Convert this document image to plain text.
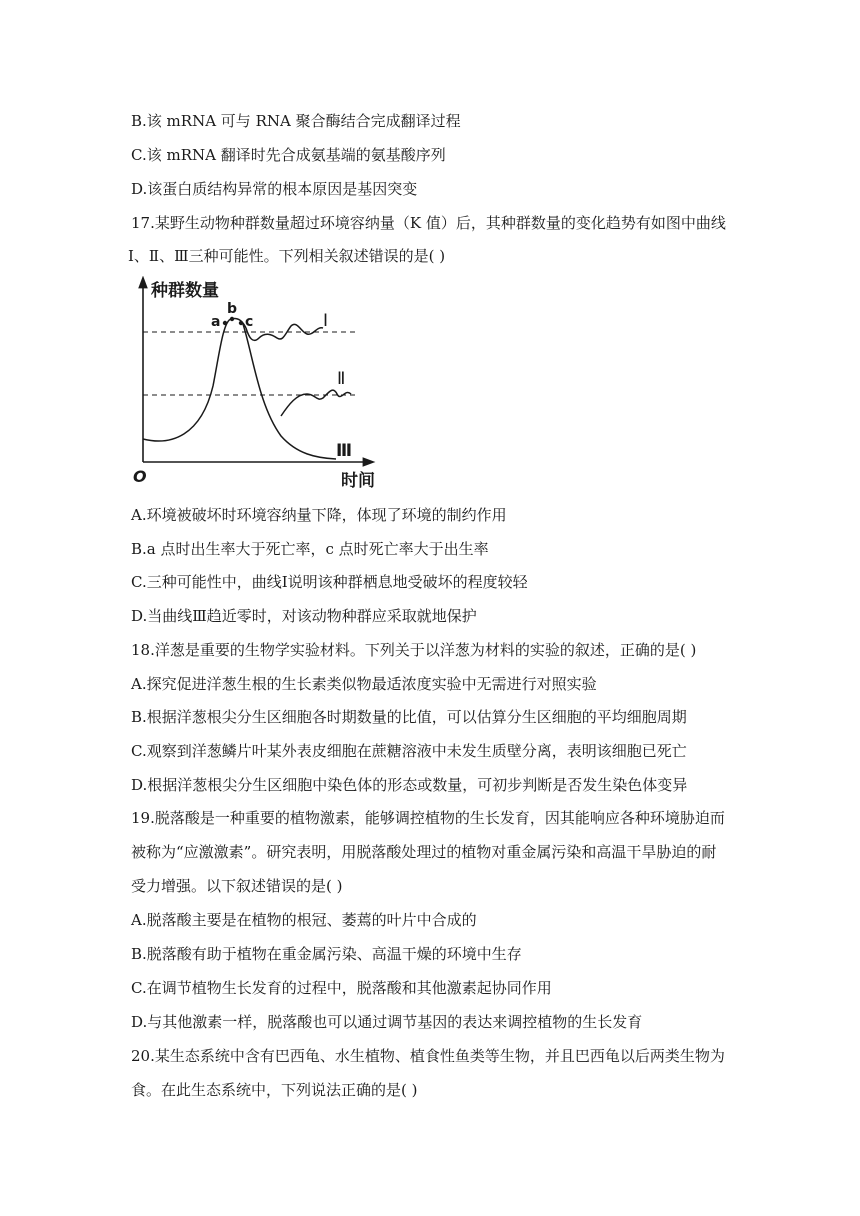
B.该 mRNA 可与 RNA 聚合酶结合完成翻译过程
C.该 mRNA 翻译时先合成氨基端的氨基酸序列
D.该蛋白质结构异常的根本原因是基因突变
17.某野生动物种群数量超过环境容纳量（K 值）后，其种群数量的变化趋势有如图中曲线
Ⅰ、Ⅱ、Ⅲ三种可能性。下列相关叙述错误的是( )
种群数量
时间
O
a
b
c	Ⅰ
Ⅱ
Ⅲ
A.环境被破坏时环境容纳量下降，体现了环境的制约作用
B.a 点时出生率大于死亡率，c 点时死亡率大于出生率
C.三种可能性中，曲线Ⅰ说明该种群栖息地受破坏的程度较轻
D.当曲线Ⅲ趋近零时，对该动物种群应采取就地保护
18.洋葱是重要的生物学实验材料。下列关于以洋葱为材料的实验的叙述，正确的是( )
A.探究促进洋葱生根的生长素类似物最适浓度实验中无需进行对照实验
B.根据洋葱根尖分生区细胞各时期数量的比值，可以估算分生区细胞的平均细胞周期
C.观察到洋葱鳞片叶某外表皮细胞在蔗糖溶液中未发生质壁分离，表明该细胞已死亡
D.根据洋葱根尖分生区细胞中染色体的形态或数量，可初步判断是否发生染色体变异
19.脱落酸是一种重要的植物激素，能够调控植物的生长发育，因其能响应各种环境胁迫而
被称为“应激激素”。研究表明，用脱落酸处理过的植物对重金属污染和高温干旱胁迫的耐
受力增强。以下叙述错误的是( )
A.脱落酸主要是在植物的根冠、萎蔫的叶片中合成的
B.脱落酸有助于植物在重金属污染、高温干燥的环境中生存
C.在调节植物生长发育的过程中，脱落酸和其他激素起协同作用
D.与其他激素一样，脱落酸也可以通过调节基因的表达来调控植物的生长发育
20.某生态系统中含有巴西龟、水生植物、植食性鱼类等生物，并且巴西龟以后两类生物为
食。在此生态系统中，下列说法正确的是( )
